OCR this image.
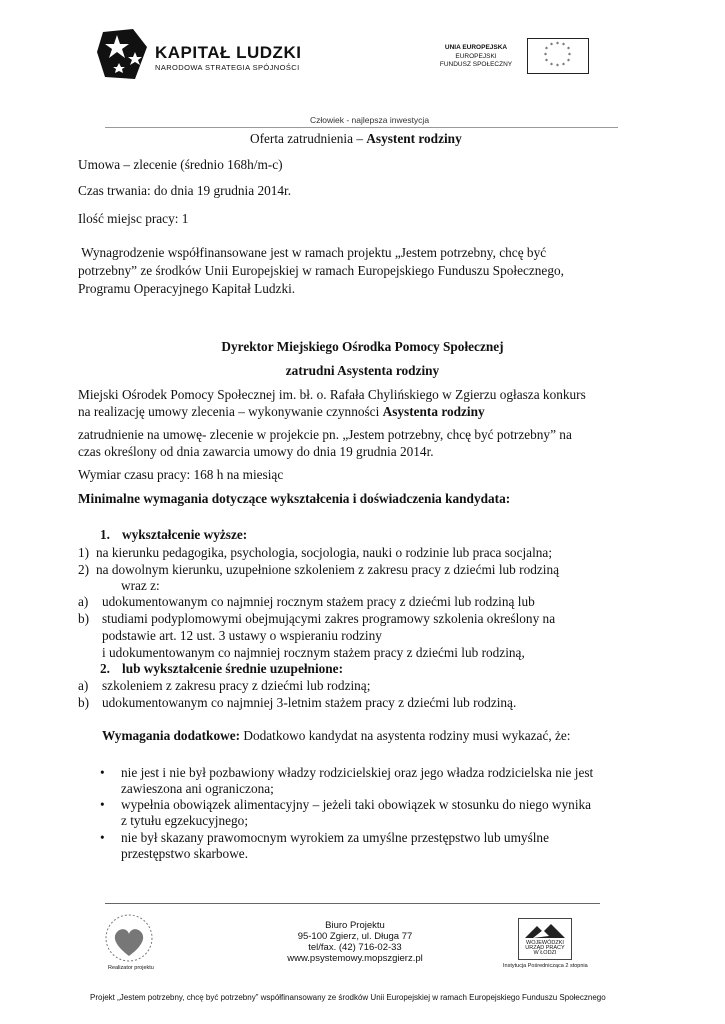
KAPITAŁ LUDZKI
NARODOWA STRATEGIA SPÓJNOŚCI
UNIA EUROPEJSKA
EUROPEJSKI
FUNDUSZ SPOŁECZNY
* *
*
*
*
*
*
*
*
*
*
*
Człowiek - najlepsza inwestycja
Oferta zatrudnienia – Asystent rodziny
Umowa – zlecenie (średnio 168h/m-c)
Czas trwania: do dnia 19 grudnia 2014r.
Ilość miejsc pracy: 1
Wynagrodzenie współfinansowane jest w ramach projektu „Jestem potrzebny, chcę być
potrzebny” ze środków Unii Europejskiej w ramach Europejskiego Funduszu Społecznego,
Programu Operacyjnego Kapitał Ludzki.
Dyrektor Miejskiego Ośrodka Pomocy Społecznej
zatrudni Asystenta rodziny
Miejski Ośrodek Pomocy Społecznej im. bł. o. Rafała Chylińskiego w Zgierzu ogłasza konkurs
na realizację umowy zlecenia – wykonywanie czynności Asystenta rodziny
zatrudnienie na umowę- zlecenie w projekcie pn. „Jestem potrzebny, chcę być potrzebny” na
czas określony od dnia zawarcia umowy do dnia 19 grudnia 2014r.
Wymiar czasu pracy: 168 h na miesiąc
Minimalne wymagania dotyczące wykształcenia i doświadczenia kandydata:
1. wykształcenie wyższe:
1) na kierunku pedagogika, psychologia, socjologia, nauki o rodzinie lub praca socjalna;
2) na dowolnym kierunku, uzupełnione szkoleniem z zakresu pracy z dziećmi lub rodziną
wraz z:
a) udokumentowanym co najmniej rocznym stażem pracy z dziećmi lub rodziną lub
b) studiami podyplomowymi obejmującymi zakres programowy szkolenia określony na
podstawie art. 12 ust. 3 ustawy o wspieraniu rodziny
i udokumentowanym co najmniej rocznym stażem pracy z dziećmi lub rodziną,
2. lub wykształcenie średnie uzupełnione:
a) szkoleniem z zakresu pracy z dziećmi lub rodziną;
b) udokumentowanym co najmniej 3-letnim stażem pracy z dziećmi lub rodziną.
Wymagania dodatkowe: Dodatkowo kandydat na asystenta rodziny musi wykazać, że:
• nie jest i nie był pozbawiony władzy rodzicielskiej oraz jego władza rodzicielska nie jest
zawieszona ani ograniczona;
• wypełnia obowiązek alimentacyjny – jeżeli taki obowiązek w stosunku do niego wynika
z tytułu egzekucyjnego;
• nie był skazany prawomocnym wyrokiem za umyślne przestępstwo lub umyślne
przestępstwo skarbowe.
Realizator projektu
Biuro Projektu
95-100 Zgierz, ul. Długa 77
tel/fax. (42) 716-02-33
www.psystemowy.mopszgierz.pl
WOJEWÓDZKI
URZĄD PRACY
W ŁODZI
Instytucja Pośrednicząca 2 stopnia
Projekt „Jestem potrzebny, chcę być potrzebny” współfinansowany ze środków Unii Europejskiej w ramach Europejskiego Funduszu Społecznego
